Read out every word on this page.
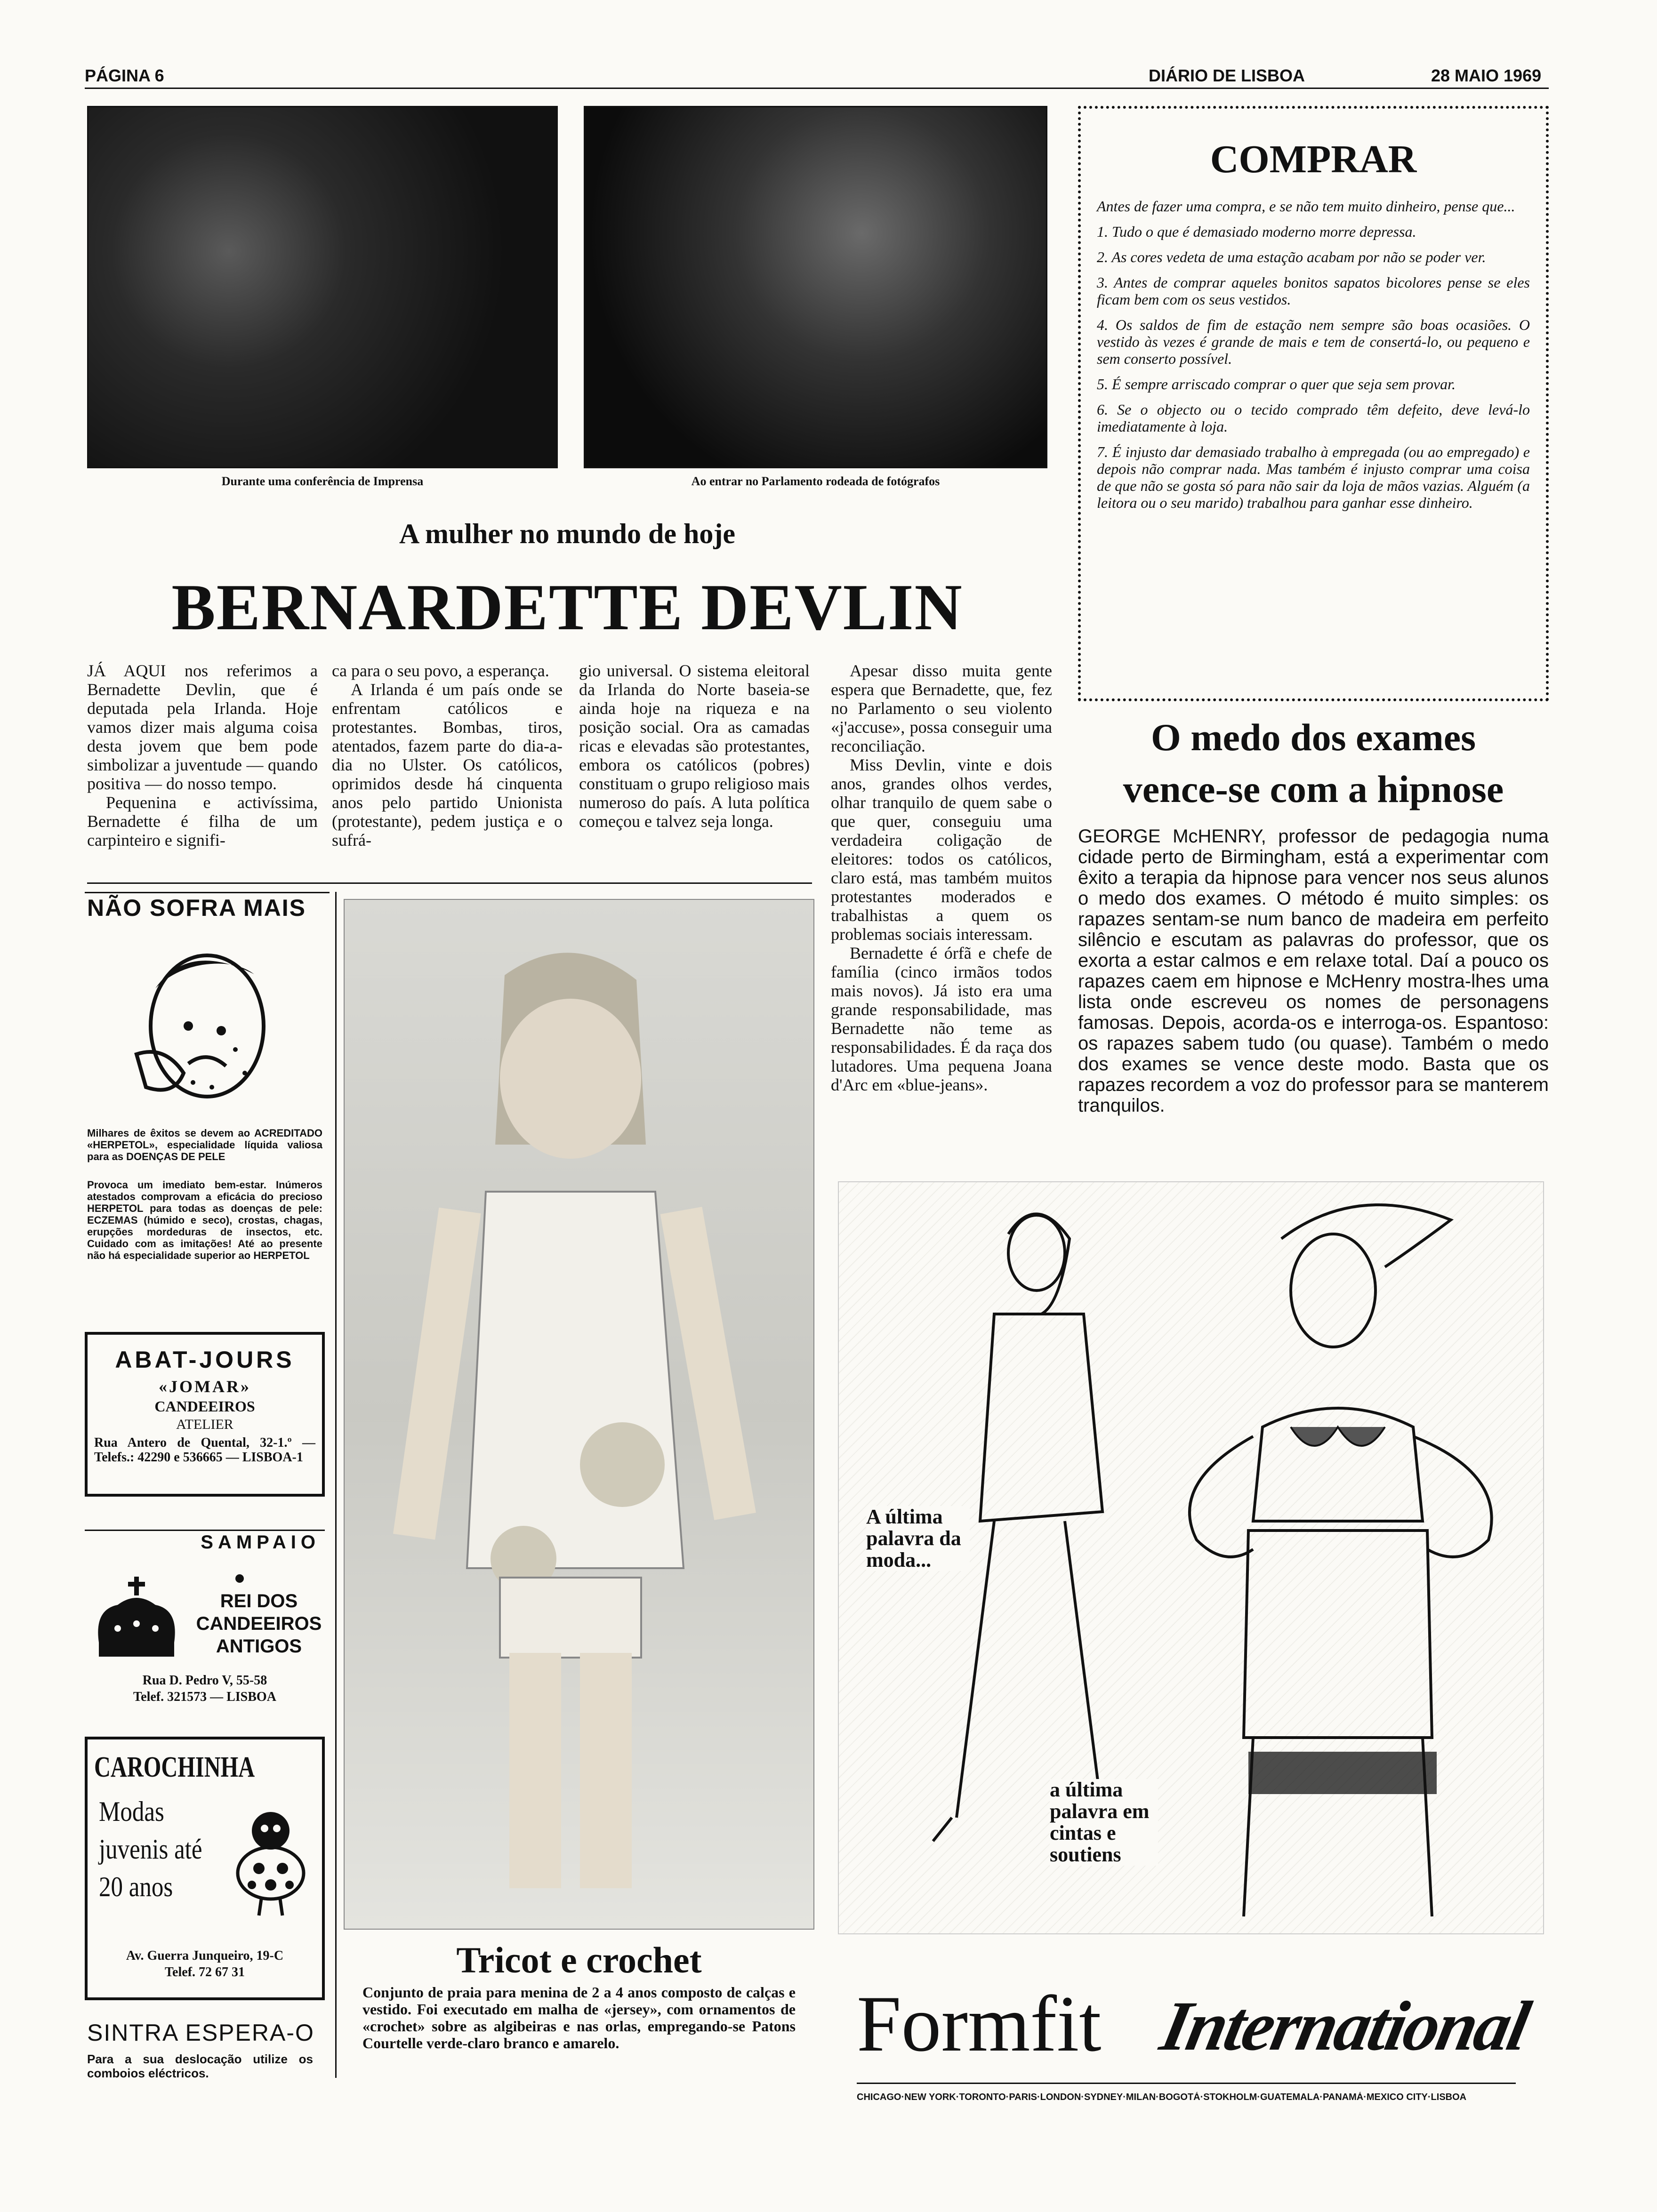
PÁGINA 6	DIÁRIO DE LISBOA	28 MAIO 1969
Durante uma conferência de Imprensa	Ao entrar no Parlamento rodeada de fotógrafos
A mulher no mundo de hoje
BERNARDETTE DEVLIN

JÁ AQUI nos referimos a Bernadette Devlin, que é deputada pela Irlanda. Hoje vamos dizer mais alguma coisa desta jovem que bem pode simbolizar a juventude — quando positiva — do nosso tempo.

Pequenina e activíssima, Bernadette é filha de um carpinteiro e signifi-

ca para o seu povo, a esperança.

A Irlanda é um país onde se enfrentam católicos e protestantes. Bombas, tiros, atentados, fazem parte do dia-a-dia no Ulster. Os católicos, oprimidos desde há cinquenta anos pelo partido Unionista (protestante), pedem justiça e o sufrá-

gio universal. O sistema eleitoral da Irlanda do Norte baseia-se ainda hoje na riqueza e na posição social. Ora as camadas ricas e elevadas são protestantes, embora os católicos (pobres) constituam o grupo religioso mais numeroso do país. A luta política começou e talvez seja longa.

Apesar disso muita gente espera que Bernadette, que, fez no Parlamento o seu violento «j'accuse», possa conseguir uma reconciliação.

Miss Devlin, vinte e dois anos, grandes olhos verdes, olhar tranquilo de quem sabe o que quer, conseguiu uma verdadeira coligação de eleitores: todos os católicos, claro está, mas também muitos protestantes moderados e trabalhistas a quem os problemas sociais interessam.

Bernadette é órfã e chefe de família (cinco irmãos todos mais novos). Já isto era uma grande responsabilidade, mas Bernadette não teme as responsabilidades. É da raça dos lutadores. Uma pequena Joana d'Arc em «blue-jeans».

COMPRAR

Antes de fazer uma compra, e se não tem muito dinheiro, pense que...

1. Tudo o que é demasiado moderno morre depressa.

2. As cores vedeta de uma estação acabam por não se poder ver.

3. Antes de comprar aqueles bonitos sapatos bicolores pense se eles ficam bem com os seus vestidos.

4. Os saldos de fim de estação nem sempre são boas ocasiões. O vestido às vezes é grande de mais e tem de consertá-lo, ou pequeno e sem conserto possível.

5. É sempre arriscado comprar o quer que seja sem provar.

6. Se o objecto ou o tecido comprado têm defeito, deve levá-lo imediatamente à loja.

7. É injusto dar demasiado trabalho à empregada (ou ao empregado) e depois não comprar nada. Mas também é injusto comprar uma coisa de que não se gosta só para não sair da loja de mãos vazias. Alguém (a leitora ou o seu marido) trabalhou para ganhar esse dinheiro.

O medo dos exames
vence-se com a hipnose
GEORGE McHENRY, professor de pedagogia numa cidade perto de Birmingham, está a experimentar com êxito a terapia da hipnose para vencer nos seus alunos o medo dos exames. O método é muito simples: os rapazes sentam-se num banco de madeira em perfeito silêncio e escutam as palavras do professor, que os exorta a estar calmos e em relaxe total. Daí a pouco os rapazes caem em hipnose e McHenry mostra-lhes uma lista onde escreveu os nomes de personagens famosas. Depois, acorda-os e interroga-os. Espantoso: os rapazes sabem tudo (ou quase). Também o medo dos exames se vence deste modo. Basta que os rapazes recordem a voz do professor para se manterem tranquilos.
NÃO SOFRA MAIS
Milhares de êxitos se devem ao ACREDITADO «HERPETOL», especialidade líquida valiosa para as DOENÇAS DE PELE
Provoca um imediato bem-estar. Inúmeros atestados comprovam a eficácia do precioso HERPETOL para todas as doenças de pele: ECZEMAS (húmido e seco), crostas, chagas, erupções mordeduras de insectos, etc. Cuidado com as imitações! Até ao presente não há especialidade superior ao HERPETOL
ABAT-JOURS
«JOMAR»
CANDEEIROS
ATELIER
Rua Antero de Quental, 32-1.º — Telefs.: 42290 e 536665 — LISBOA-1
SAMPAIO
REI DOS
CANDEEIROS
ANTIGOS
Rua D. Pedro V, 55-58
Telef. 321573 — LISBOA
CAROCHINHA
Modas
juvenis até
20 anos
Av. Guerra Junqueiro, 19-C
Telef. 72 67 31
SINTRA ESPERA-O
Para a sua deslocação utilize os comboios eléctricos.
Tricot e crochet
Conjunto de praia para menina de 2 a 4 anos composto de calças e vestido. Foi executado em malha de «jersey», com ornamentos de «crochet» sobre as algibeiras e nas orlas, empregando-se Patons Courtelle verde-claro branco e amarelo.
A última palavra da moda...
a última palavra em cintas e soutiens
Formfit International
CHICAGO·NEW YORK·TORONTO·PARIS·LONDON·SYDNEY·MILAN·BOGOTÁ·STOKHOLM·GUATEMALA·PANAMÁ·MEXICO CITY·LISBOA
